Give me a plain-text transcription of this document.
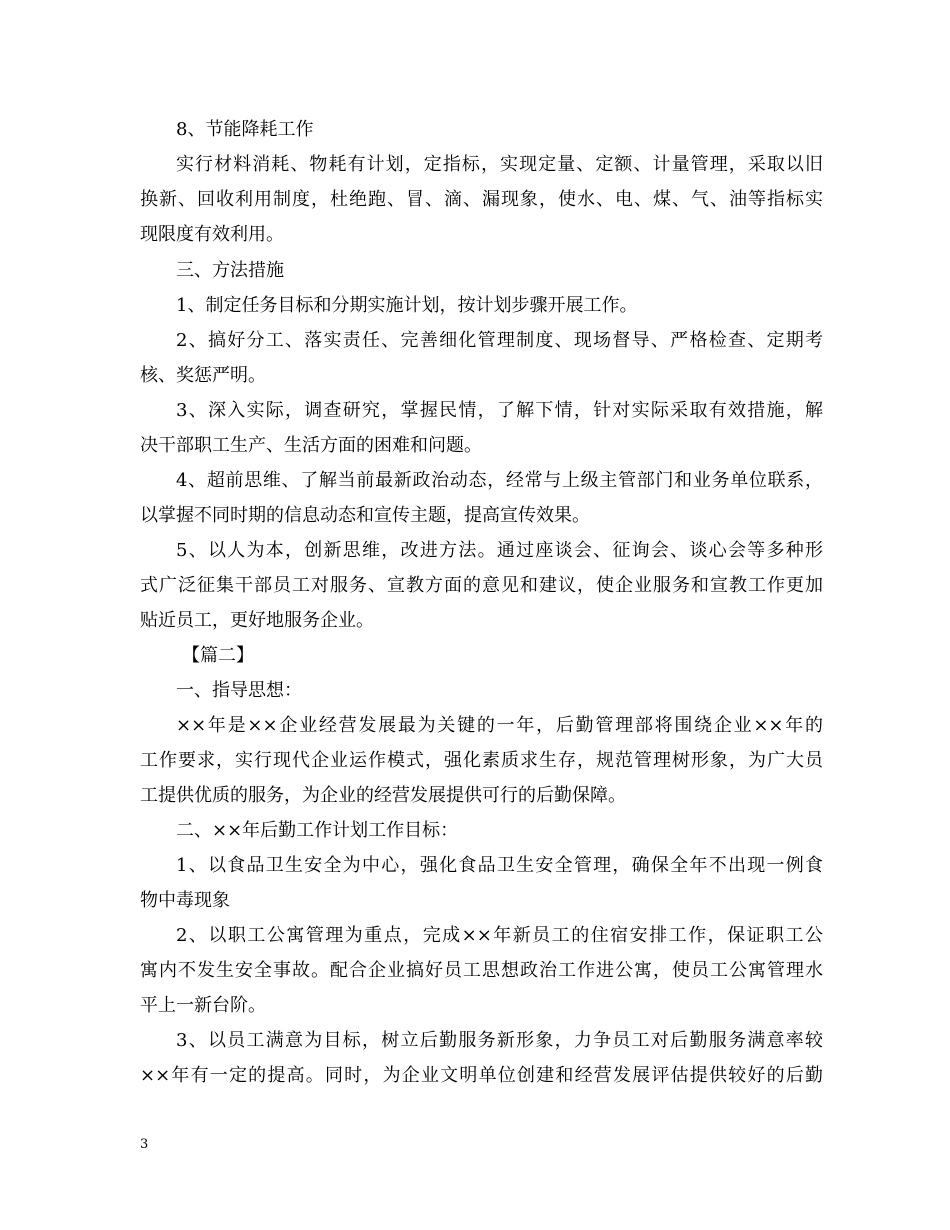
8、节能降耗工作
实行材料消耗、物耗有计划，定指标，实现定量、定额、计量管理，采取以旧
换新、回收利用制度，杜绝跑、冒、滴、漏现象，使水、电、煤、气、油等指标实
现限度有效利用。
三、方法措施
1、制定任务目标和分期实施计划，按计划步骤开展工作。
2、搞好分工、落实责任、完善细化管理制度、现场督导、严格检查、定期考
核、奖惩严明。
3、深入实际，调查研究，掌握民情，了解下情，针对实际采取有效措施，解
决干部职工生产、生活方面的困难和问题。
4、超前思维、了解当前最新政治动态，经常与上级主管部门和业务单位联系，
以掌握不同时期的信息动态和宣传主题，提高宣传效果。
5、以人为本，创新思维，改进方法。通过座谈会、征询会、谈心会等多种形
式广泛征集干部员工对服务、宣教方面的意见和建议，使企业服务和宣教工作更加
贴近员工，更好地服务企业。
【篇二】
一、指导思想：
××年是××企业经营发展最为关键的一年，后勤管理部将围绕企业××年的
工作要求，实行现代企业运作模式，强化素质求生存，规范管理树形象，为广大员
工提供优质的服务，为企业的经营发展提供可行的后勤保障。
二、××年后勤工作计划工作目标：
1、以食品卫生安全为中心，强化食品卫生安全管理，确保全年不出现一例食
物中毒现象
2、以职工公寓管理为重点，完成××年新员工的住宿安排工作，保证职工公
寓内不发生安全事故。配合企业搞好员工思想政治工作进公寓，使员工公寓管理水
平上一新台阶。
3、以员工满意为目标，树立后勤服务新形象，力争员工对后勤服务满意率较
××年有一定的提高。同时，为企业文明单位创建和经营发展评估提供较好的后勤
3
